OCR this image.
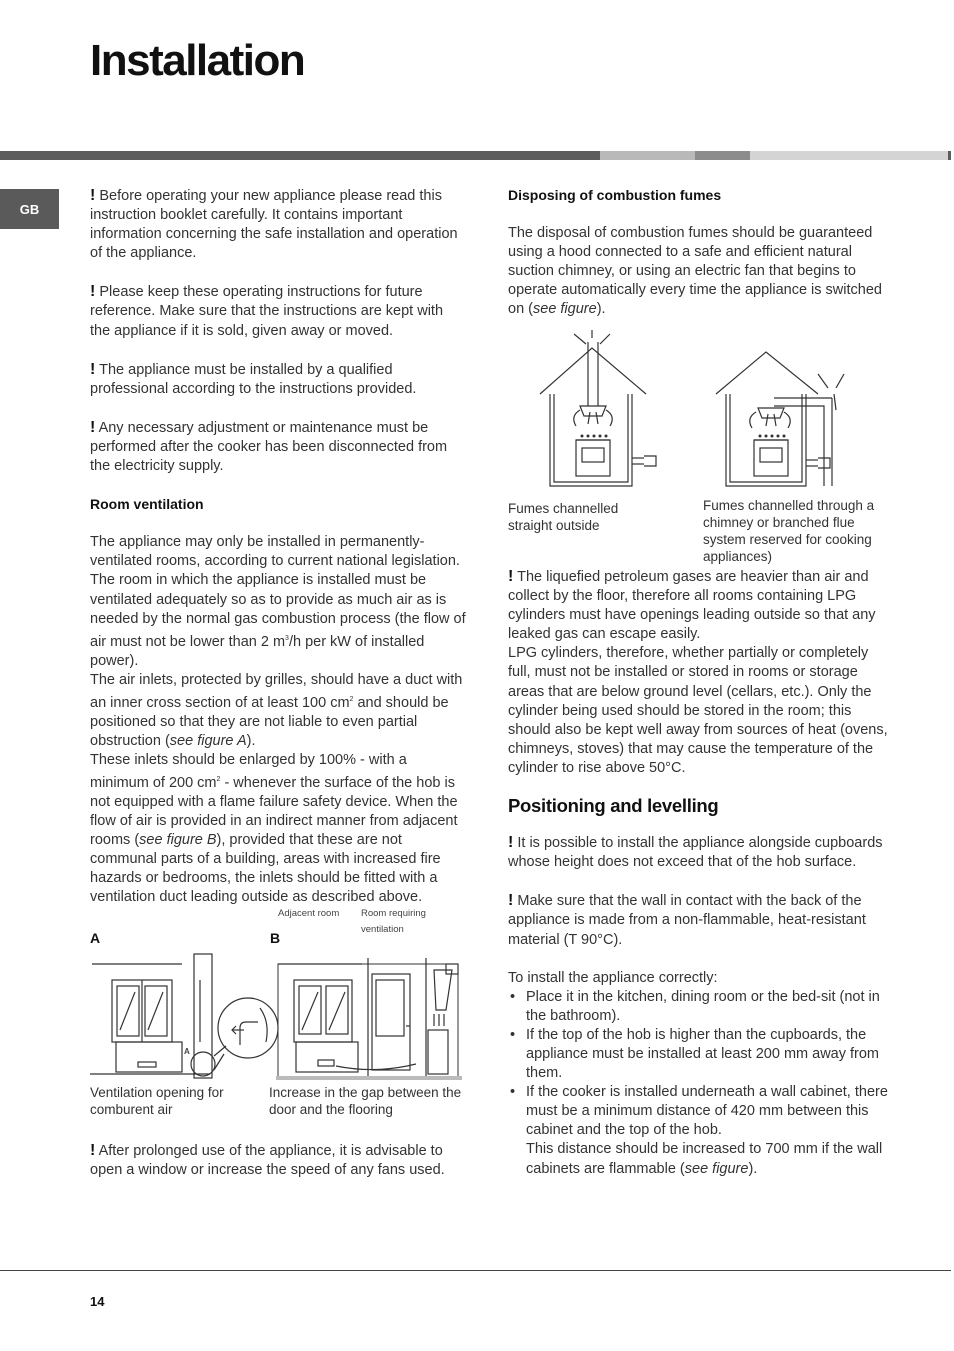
Installation
GB

! Before operating your new appliance please read this instruction booklet carefully. It contains important information concerning the safe installation and operation of the appliance.

! Please keep these operating instructions for future reference. Make sure that the instructions are kept with the appliance if it is sold, given away or moved.

! The appliance must be installed by a qualified professional according to the instructions provided.

! Any necessary adjustment or maintenance must be performed after the cooker has been disconnected from the electricity supply.

Room ventilation

The appliance may only be installed in permanently-ventilated rooms, according to current national legislation. The room in which the appliance is installed must be ventilated adequately so as to provide as much air as is needed by the normal gas combustion process (the flow of air must not be lower than 2 $m^3/h$ per kW of installed power).

The air inlets, protected by grilles, should have a duct with an inner cross section of at least 100 $cm^2$ and should be positioned so that they are not liable to even partial obstruction (see figure A).

These inlets should be enlarged by 100% - with a minimum of 200 $cm^2$ - whenever the surface of the hob is not equipped with a flame failure safety device. When the flow of air is provided in an indirect manner from adjacent rooms (see figure B), provided that these are not communal parts of a building, areas with increased fire hazards or bedrooms, the inlets should be fitted with a ventilation duct leading outside as described above.

Adjacent room Room requiring
ventilation
A	B
A
Ventilation opening for comburent air
Increase in the gap between the door and the flooring

! After prolonged use of the appliance, it is advisable to open a window or increase the speed of any fans used.

Disposing of combustion fumes

The disposal of combustion fumes should be guaranteed using a hood connected to a safe and efficient natural suction chimney, or using an electric fan that begins to operate automatically every time the appliance is switched on (see figure).

Fumes channelled straight outside
Fumes channelled through a chimney or branched flue system reserved for cooking appliances)

! The liquefied petroleum gases are heavier than air and collect by the floor, therefore all rooms containing LPG cylinders must have openings leading outside so that any leaked gas can escape easily.

LPG cylinders, therefore, whether partially or completely full, must not be installed or stored in rooms or storage areas that are below ground level (cellars, etc.). Only the

cylinder being used should be stored in the room; this should also be kept well away from sources of heat (ovens, chimneys, stoves) that may cause the temperature of the cylinder to rise above 50°C.

Positioning and levelling

! It is possible to install the appliance alongside cupboards whose height does not exceed that of the hob surface.

! Make sure that the wall in contact with the back of the appliance is made from a non-flammable, heat-resistant material (T 90°C).

To install the appliance correctly:

• Place it in the kitchen, dining room or the bed-sit (not in the bathroom).
• If the top of the hob is higher than the cupboards, the appliance must be installed at least 200 mm away from them.
• If the cooker is installed underneath a wall cabinet, there must be a minimum distance of 420 mm between this cabinet and the top of the hob.

This distance should be increased to 700 mm if the wall cabinets are flammable (see figure).

14
